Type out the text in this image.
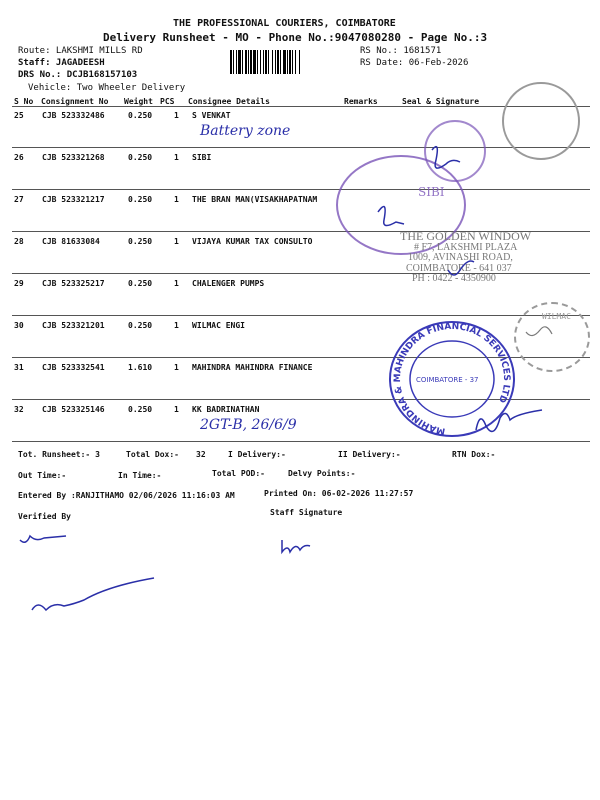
THE PROFESSIONAL COURIERS, COIMBATORE
Delivery Runsheet - MO - Phone No.:9047080280 - Page No.:3
Route: LAKSHMI MILLS RD
Staff: JAGADEESH
DRS No.: DCJB168157103
Vehicle: Two Wheeler Delivery
RS No.: 1681571
RS Date: 06-Feb-2026
S No Consignment No Weight PCS Consignee Details	Remarks	Seal & Signature
25 CJB 523332486	0.250	1 S VENKAT
Battery zone
26 CJB 523321268	0.250	1 SIBI
27 CJB 523321217	0.250	1 THE BRAN MAN(VISAKHAPATNAM
28 CJB 81633084	0.250	1 VIJAYA KUMAR TAX CONSULTO
29 CJB 523325217	0.250	1 CHALENGER PUMPS
30 CJB 523321201	0.250	1 WILMAC ENGI
31 CJB 523332541	1.610	1 MAHINDRA MAHINDRA FINANCE
32 CJB 523325146	0.250	1 KK BADRINATHAN
2GT-B, 26/6/9
SIBI
WILMAC
THE GOLDEN WINDOW
# F7, LAKSHMI PLAZA
1009, AVINASHI ROAD,
COIMBATORE - 641 037
PH : 0422 - 4350900
MAHINDRA & MAHINDRA FINANCIAL SERVICES LTD
COIMBATORE - 37
Tot. Runsheet:- 3	Total Dox:- 32	I Delivery:-	II Delivery:-	RTN Dox:-
Out Time:-	In Time:-	Total POD:-	Delvy Points:-
Entered By :RANJITHAMO 02/06/2026 11:16:03 AM	Printed On: 06-02-2026 11:27:57
Verified By	Staff Signature
